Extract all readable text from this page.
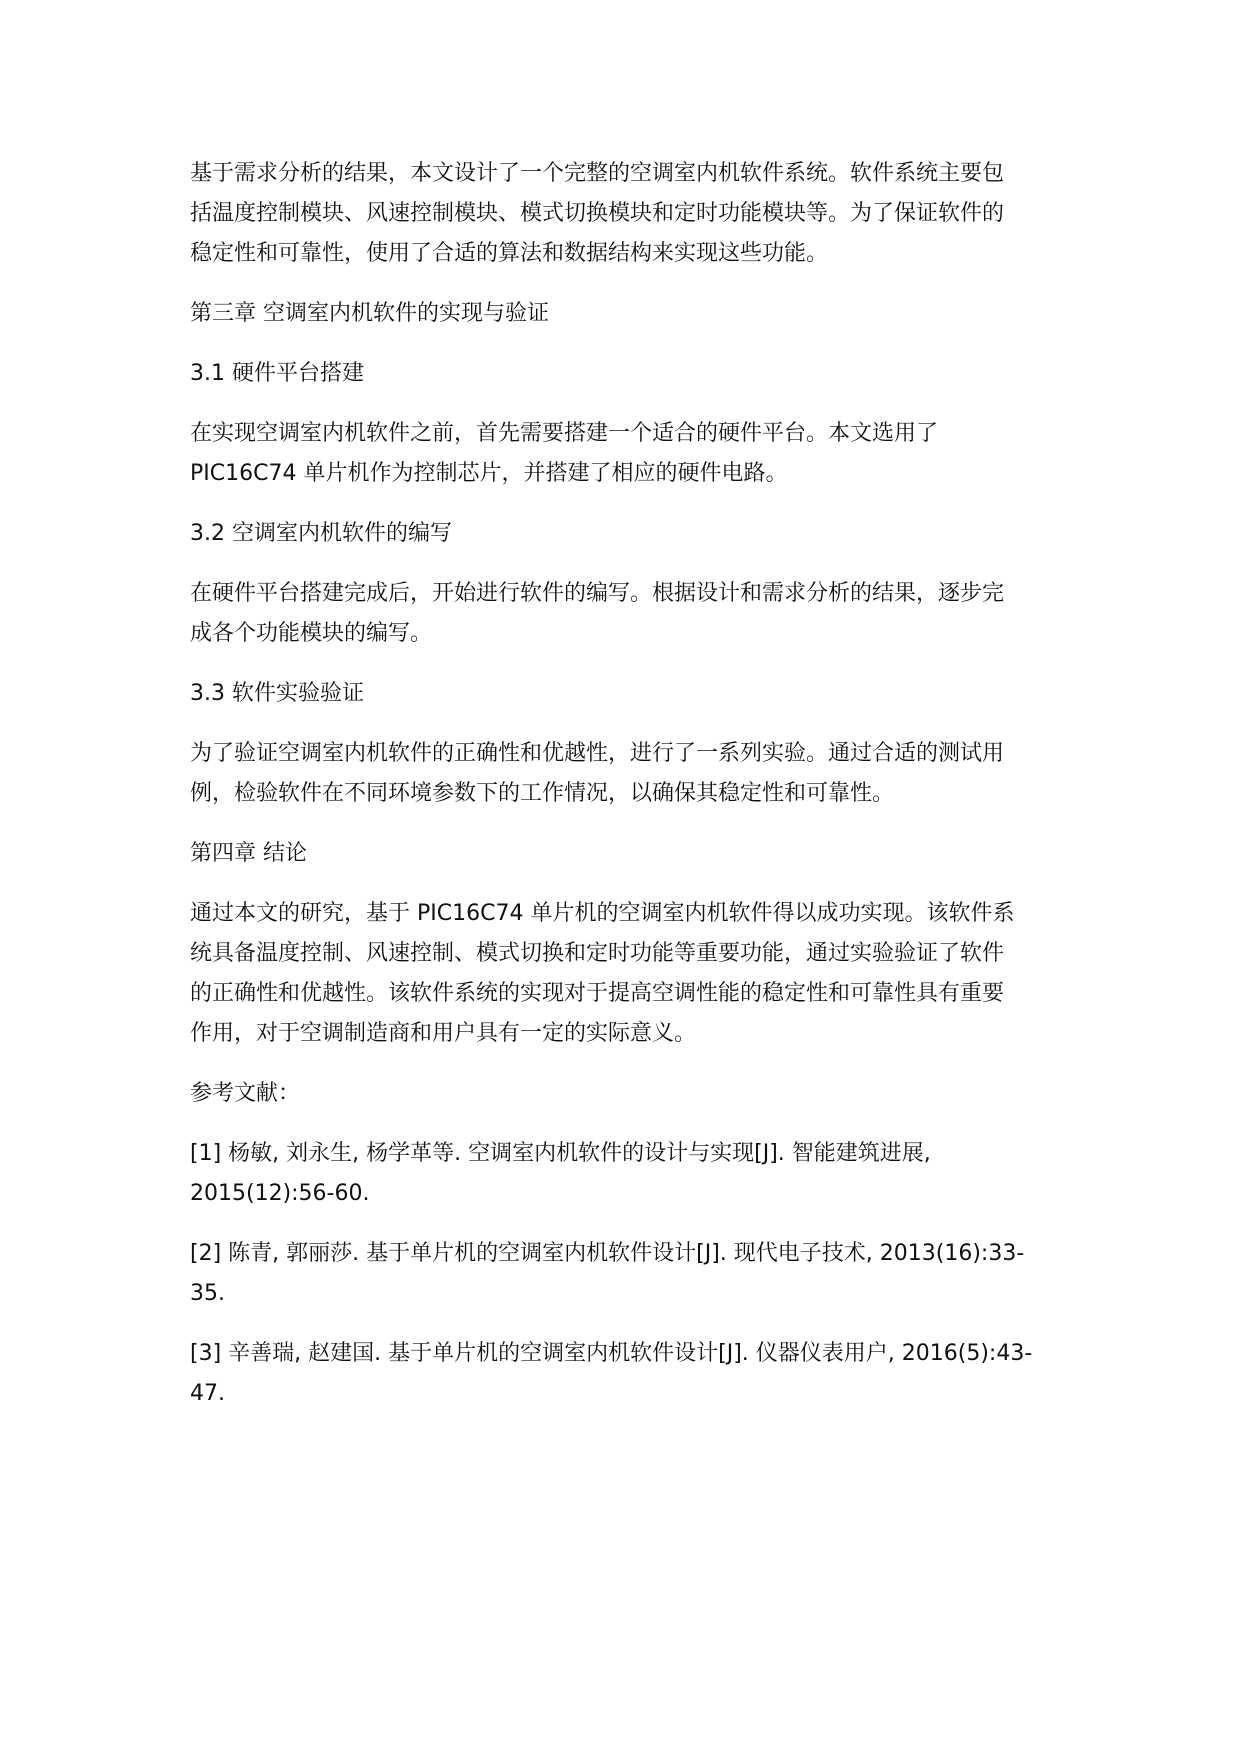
基于需求分析的结果，本文设计了一个完整的空调室内机软件系统。软件系统主要包
括温度控制模块、风速控制模块、模式切换模块和定时功能模块等。为了保证软件的
稳定性和可靠性，使用了合适的算法和数据结构来实现这些功能。

第三章 空调室内机软件的实现与验证

3.1 硬件平台搭建

在实现空调室内机软件之前，首先需要搭建一个适合的硬件平台。本文选用了
PIC16C74 单片机作为控制芯片，并搭建了相应的硬件电路。

3.2 空调室内机软件的编写

在硬件平台搭建完成后，开始进行软件的编写。根据设计和需求分析的结果，逐步完
成各个功能模块的编写。

3.3 软件实验验证

为了验证空调室内机软件的正确性和优越性，进行了一系列实验。通过合适的测试用
例，检验软件在不同环境参数下的工作情况，以确保其稳定性和可靠性。

第四章 结论

通过本文的研究，基于 PIC16C74 单片机的空调室内机软件得以成功实现。该软件系
统具备温度控制、风速控制、模式切换和定时功能等重要功能，通过实验验证了软件
的正确性和优越性。该软件系统的实现对于提高空调性能的稳定性和可靠性具有重要
作用，对于空调制造商和用户具有一定的实际意义。

参考文献：

[1] 杨敏, 刘永生, 杨学革等. 空调室内机软件的设计与实现[J]. 智能建筑进展,
2015(12):56-60.

[2] 陈青, 郭丽莎. 基于单片机的空调室内机软件设计[J]. 现代电子技术, 2013(16):33-
35.

[3] 辛善瑞, 赵建国. 基于单片机的空调室内机软件设计[J]. 仪器仪表用户, 2016(5):43-
47.
